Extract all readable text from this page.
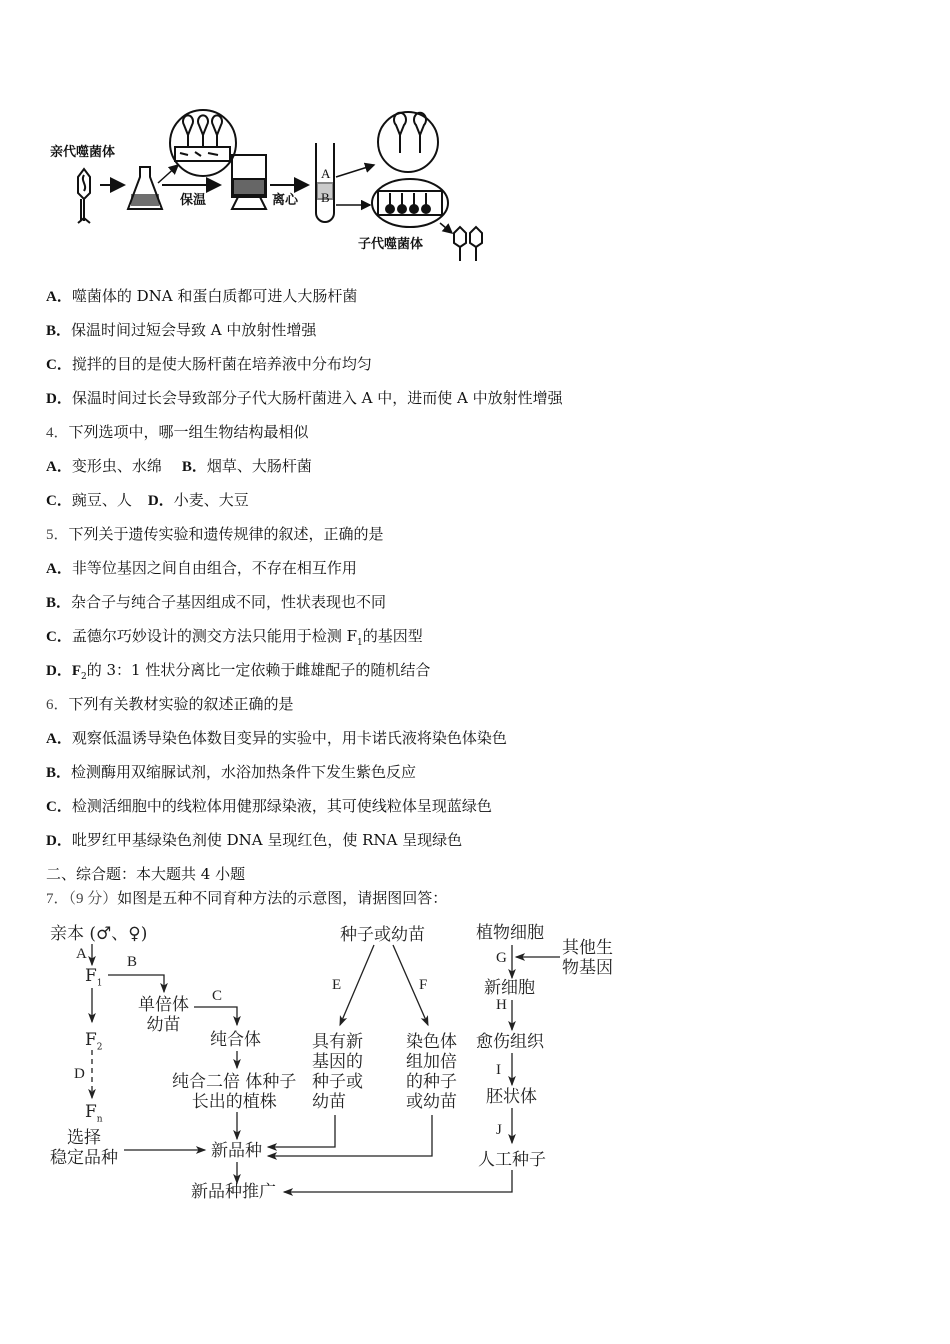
亲代噬菌体
保温	离心
A
B
子代噬菌体
A．噬菌体的 DNA 和蛋白质都可进人大肠杆菌
B．保温时间过短会导致 A 中放射性增强
C．搅拌的目的是使大肠杆菌在培养液中分布均匀
D．保温时间过长会导致部分子代大肠杆菌进入 A 中，进而使 A 中放射性增强
4．下列选项中，哪一组生物结构最相似
A．变形虫、水绵 B．烟草、大肠杆菌
C．豌豆、人 D．小麦、大豆
5．下列关于遗传实验和遗传规律的叙述，正确的是
A．非等位基因之间自由组合，不存在相互作用
B．杂合子与纯合子基因组成不同，性状表现也不同
C．孟德尔巧妙设计的测交方法只能用于检测 $F_1$的基因型
D．$F_2$的 3：1 性状分离比一定依赖于雌雄配子的随机结合
6．下列有关教材实验的叙述正确的是
A．观察低温诱导染色体数目变异的实验中，用卡诺氏液将染色体染色
B．检测酶用双缩脲试剂，水浴加热条件下发生紫色反应
C．检测活细胞中的线粒体用健那绿染液，其可使线粒体呈现蓝绿色
D．吡罗红甲基绿染色剂使 DNA 呈现红色，使 RNA 呈现绿色
二、综合题：本大题共 4 小题
7．（9 分）如图是五种不同育种方法的示意图，请据图回答：
亲本 (♂、♀)
A
$F_1$
B
单倍体
幼苗
C
纯合体
$F_2$
D	纯合二倍 体种子
长出的植株
$F_n$
选择
稳定品种	新品种
新品种推广
种子或幼苗
E	F
具有新
基因的
种子或
幼苗
染色体
组加倍
的种子
或幼苗
植物细胞
其他生
物基因
G
新细胞
H
愈伤组织
I
胚状体
J
人工种子
